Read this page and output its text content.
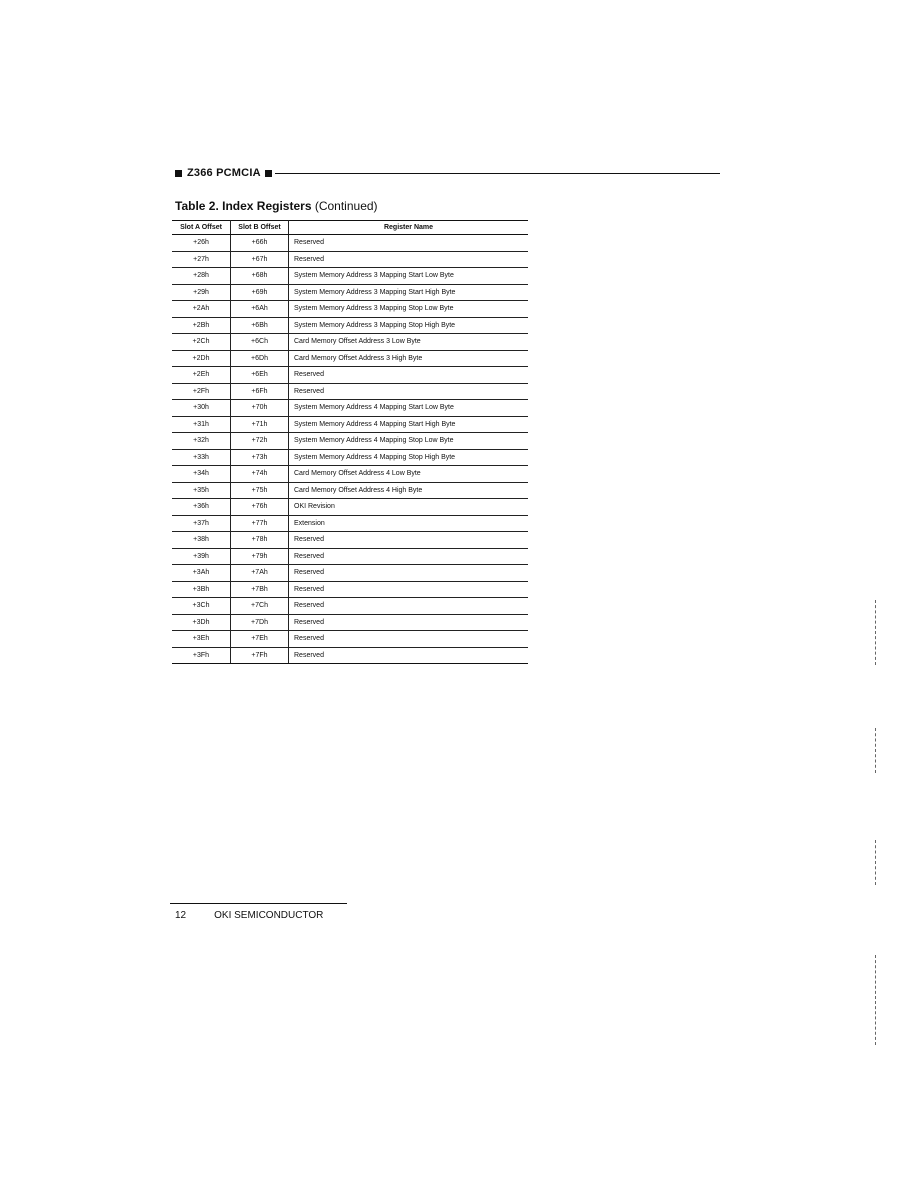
Z366 PCMCIA
Table 2. Index Registers (Continued)
Slot A Offset	Slot B Offset	Register Name
+26h	+66h	Reserved
+27h	+67h	Reserved
+28h	+68h	System Memory Address 3 Mapping Start Low Byte
+29h	+69h	System Memory Address 3 Mapping Start High Byte
+2Ah	+6Ah	System Memory Address 3 Mapping Stop Low Byte
+2Bh	+6Bh	System Memory Address 3 Mapping Stop High Byte
+2Ch	+6Ch	Card Memory Offset Address 3 Low Byte
+2Dh	+6Dh	Card Memory Offset Address 3 High Byte
+2Eh	+6Eh	Reserved
+2Fh	+6Fh	Reserved
+30h	+70h	System Memory Address 4 Mapping Start Low Byte
+31h	+71h	System Memory Address 4 Mapping Start High Byte
+32h	+72h	System Memory Address 4 Mapping Stop Low Byte
+33h	+73h	System Memory Address 4 Mapping Stop High Byte
+34h	+74h	Card Memory Offset Address 4 Low Byte
+35h	+75h	Card Memory Offset Address 4 High Byte
+36h	+76h	OKI Revision
+37h	+77h	Extension
+38h	+78h	Reserved
+39h	+79h	Reserved
+3Ah	+7Ah	Reserved
+3Bh	+7Bh	Reserved
+3Ch	+7Ch	Reserved
+3Dh	+7Dh	Reserved
+3Eh	+7Eh	Reserved
+3Fh	+7Fh	Reserved
12	OKI SEMICONDUCTOR
